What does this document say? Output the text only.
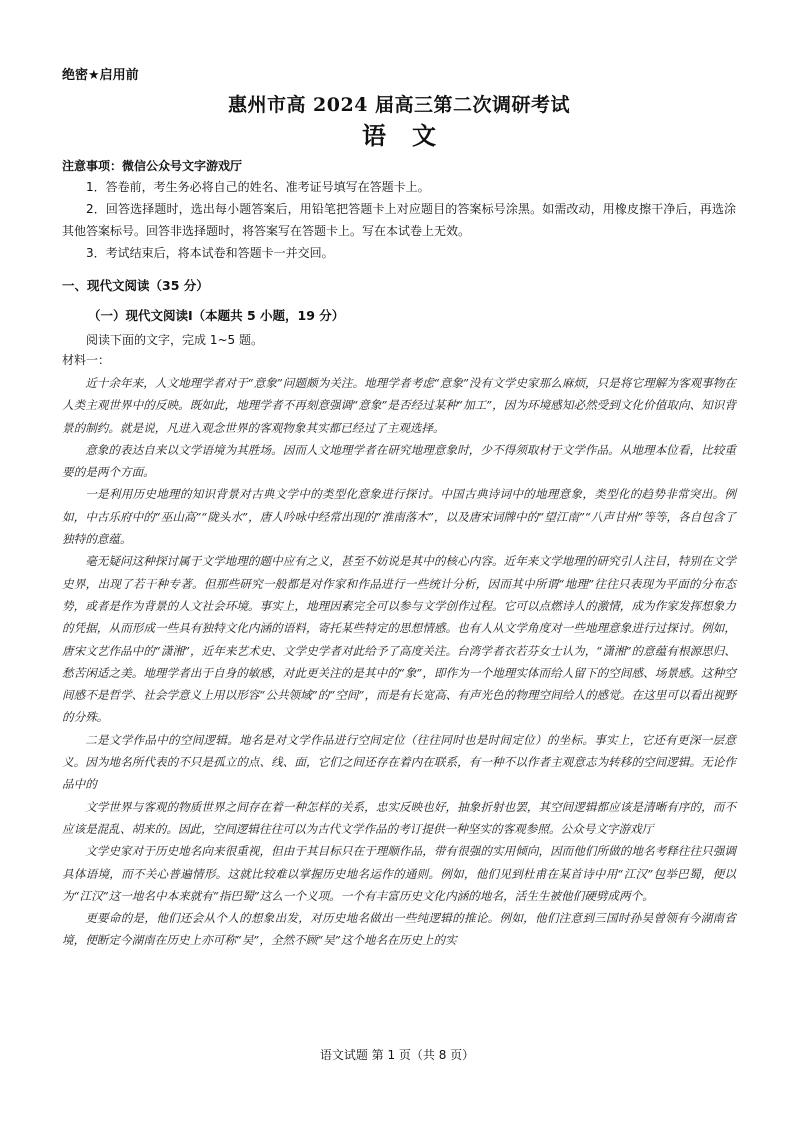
绝密★启用前

惠州市高 2024 届高三第二次调研考试
语文

注意事项：微信公众号文字游戏厅

1．答卷前，考生务必将自己的姓名、准考证号填写在答题卡上。

2．回答选择题时，选出每小题答案后，用铅笔把答题卡上对应题目的答案标号涂黑。如需改动，用橡皮擦干净后，再选涂其他答案标号。回答非选择题时，将答案写在答题卡上。写在本试卷上无效。

3．考试结束后，将本试卷和答题卡一并交回。

一、现代文阅读（35 分）

（一）现代文阅读Ⅰ（本题共 5 小题，19 分）

阅读下面的文字，完成 1~5 题。

材料一：

近十余年来，人文地理学者对于“意象”问题颇为关注。地理学者考虑“意象”没有文学史家那么麻烦，只是将它理解为客观事物在人类主观世界中的反映。既如此，地理学者不再刻意强调“意象”是否经过某种“加工”，因为环境感知必然受到文化价值取向、知识背景的制约。就是说，凡进入观念世界的客观物象其实都已经过了主观选择。

意象的表达自来以文学语境为其胜场。因而人文地理学者在研究地理意象时，少不得须取材于文学作品。从地理本位看，比较重要的是两个方面。

一是利用历史地理的知识背景对古典文学中的类型化意象进行探讨。中国古典诗词中的地理意象，类型化的趋势非常突出。例如，中古乐府中的“巫山高”“陇头水”，唐人吟咏中经常出现的“淮南落木”，以及唐宋词牌中的“望江南”“八声甘州”等等，各自包含了独特的意蕴。

毫无疑问这种探讨属于文学地理的题中应有之义，甚至不妨说是其中的核心内容。近年来文学地理的研究引人注目，特别在文学史界，出现了若干种专著。但那些研究一般都是对作家和作品进行一些统计分析，因而其中所谓“地理”往往只表现为平面的分布态势，或者是作为背景的人文社会环境。事实上，地理因素完全可以参与文学创作过程。它可以点燃诗人的激情，成为作家发挥想象力的凭据，从而形成一些具有独特文化内涵的语料，寄托某些特定的思想情感。也有人从文学角度对一些地理意象进行过探讨。例如，唐宋文艺作品中的“潇湘”，近年来艺术史、文学史学者对此给予了高度关注。台湾学者衣若芬女士认为，“潇湘”的意蕴有根源思归、愁苦闲适之美。地理学者出于自身的敏感，对此更关注的是其中的“象”，即作为一个地理实体而给人留下的空间感、场景感。这种空间感不是哲学、社会学意义上用以形容“公共领域”的“空间”，而是有长宽高、有声光色的物理空间给人的感觉。在这里可以看出视野的分殊。

二是文学作品中的空间逻辑。地名是对文学作品进行空间定位（往往同时也是时间定位）的坐标。事实上，它还有更深一层意义。因为地名所代表的不只是孤立的点、线、面，它们之间还存在着内在联系，有一种不以作者主观意志为转移的空间逻辑。无论作品中的

文学世界与客观的物质世界之间存在着一种怎样的关系，忠实反映也好，抽象折射也罢，其空间逻辑都应该是清晰有序的，而不应该是混乱、胡来的。因此，空间逻辑往往可以为古代文学作品的考订提供一种坚实的客观参照。公众号文字游戏厅

文学史家对于历史地名向来很重视，但由于其目标只在于理顺作品，带有很强的实用倾向，因而他们所做的地名考释往往只强调具体语境，而不关心普遍情形。这就比较难以掌握历史地名运作的通则。例如，他们见到杜甫在某首诗中用“江汉”包举巴蜀，便以为“江汉”这一地名中本来就有“指巴蜀”这么一个义项。一个有丰富历史文化内涵的地名，活生生被他们硬劈成两个。

更要命的是，他们还会从个人的想象出发，对历史地名做出一些纯逻辑的推论。例如，他们注意到三国时孙吴曾领有今湖南省境，便断定今湖南在历史上亦可称“吴”，全然不顾“吴”这个地名在历史上的实

语文试题 第 1 页（共 8 页）
